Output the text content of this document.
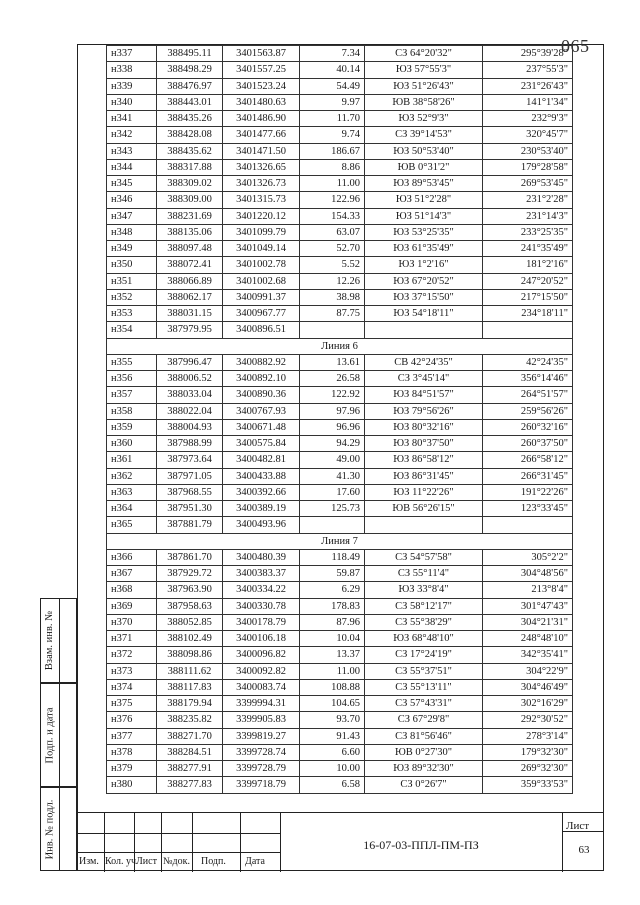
065
н337	388495.11	3401563.87	7.34	СЗ 64°20'32"	295°39'28"
н338	388498.29	3401557.25	40.14	ЮЗ 57°55'3"	237°55'3"
н339	388476.97	3401523.24	54.49	ЮЗ 51°26'43"	231°26'43"
н340	388443.01	3401480.63	9.97	ЮВ 38°58'26"	141°1'34"
н341	388435.26	3401486.90	11.70	ЮЗ 52°9'3"	232°9'3"
н342	388428.08	3401477.66	9.74	СЗ 39°14'53"	320°45'7"
н343	388435.62	3401471.50	186.67	ЮЗ 50°53'40"	230°53'40"
н344	388317.88	3401326.65	8.86	ЮВ 0°31'2"	179°28'58"
н345	388309.02	3401326.73	11.00	ЮЗ 89°53'45"	269°53'45"
н346	388309.00	3401315.73	122.96	ЮЗ 51°2'28"	231°2'28"
н347	388231.69	3401220.12	154.33	ЮЗ 51°14'3"	231°14'3"
н348	388135.06	3401099.79	63.07	ЮЗ 53°25'35"	233°25'35"
н349	388097.48	3401049.14	52.70	ЮЗ 61°35'49"	241°35'49"
н350	388072.41	3401002.78	5.52	ЮЗ 1°2'16"	181°2'16"
н351	388066.89	3401002.68	12.26	ЮЗ 67°20'52"	247°20'52"
н352	388062.17	3400991.37	38.98	ЮЗ 37°15'50"	217°15'50"
н353	388031.15	3400967.77	87.75	ЮЗ 54°18'11"	234°18'11"
н354	387979.95	3400896.51			
Линия 6					
н355	387996.47	3400882.92	13.61	СВ 42°24'35"	42°24'35"
н356	388006.52	3400892.10	26.58	СЗ 3°45'14"	356°14'46"
н357	388033.04	3400890.36	122.92	ЮЗ 84°51'57"	264°51'57"
н358	388022.04	3400767.93	97.96	ЮЗ 79°56'26"	259°56'26"
н359	388004.93	3400671.48	96.96	ЮЗ 80°32'16"	260°32'16"
н360	387988.99	3400575.84	94.29	ЮЗ 80°37'50"	260°37'50"
н361	387973.64	3400482.81	49.00	ЮЗ 86°58'12"	266°58'12"
н362	387971.05	3400433.88	41.30	ЮЗ 86°31'45"	266°31'45"
н363	387968.55	3400392.66	17.60	ЮЗ 11°22'26"	191°22'26"
н364	387951.30	3400389.19	125.73	ЮВ 56°26'15"	123°33'45"
н365	387881.79	3400493.96			
Линия 7					
н366	387861.70	3400480.39	118.49	СЗ 54°57'58"	305°2'2"
н367	387929.72	3400383.37	59.87	СЗ 55°11'4"	304°48'56"
н368	387963.90	3400334.22	6.29	ЮЗ 33°8'4"	213°8'4"
н369	387958.63	3400330.78	178.83	СЗ 58°12'17"	301°47'43"
н370	388052.85	3400178.79	87.96	СЗ 55°38'29"	304°21'31"
н371	388102.49	3400106.18	10.04	ЮЗ 68°48'10"	248°48'10"
н372	388098.86	3400096.82	13.37	СЗ 17°24'19"	342°35'41"
н373	388111.62	3400092.82	11.00	СЗ 55°37'51"	304°22'9"
н374	388117.83	3400083.74	108.88	СЗ 55°13'11"	304°46'49"
н375	388179.94	3399994.31	104.65	СЗ 57°43'31"	302°16'29"
н376	388235.82	3399905.83	93.70	СЗ 67°29'8"	292°30'52"
н377	388271.70	3399819.27	91.43	СЗ 81°56'46"	278°3'14"
н378	388284.51	3399728.74	6.60	ЮВ 0°27'30"	179°32'30"
н379	388277.91	3399728.79	10.00	ЮЗ 89°32'30"	269°32'30"
н380	388277.83	3399718.79	6.58	СЗ 0°26'7"	359°33'53"
Взам. инв. №
Подп. и дата
Инв. № подл.
Изм. Кол. уч Лист №док. Подп. Дата
16-07-03-ППЛ-ПМ-ПЗ
Лист
63
